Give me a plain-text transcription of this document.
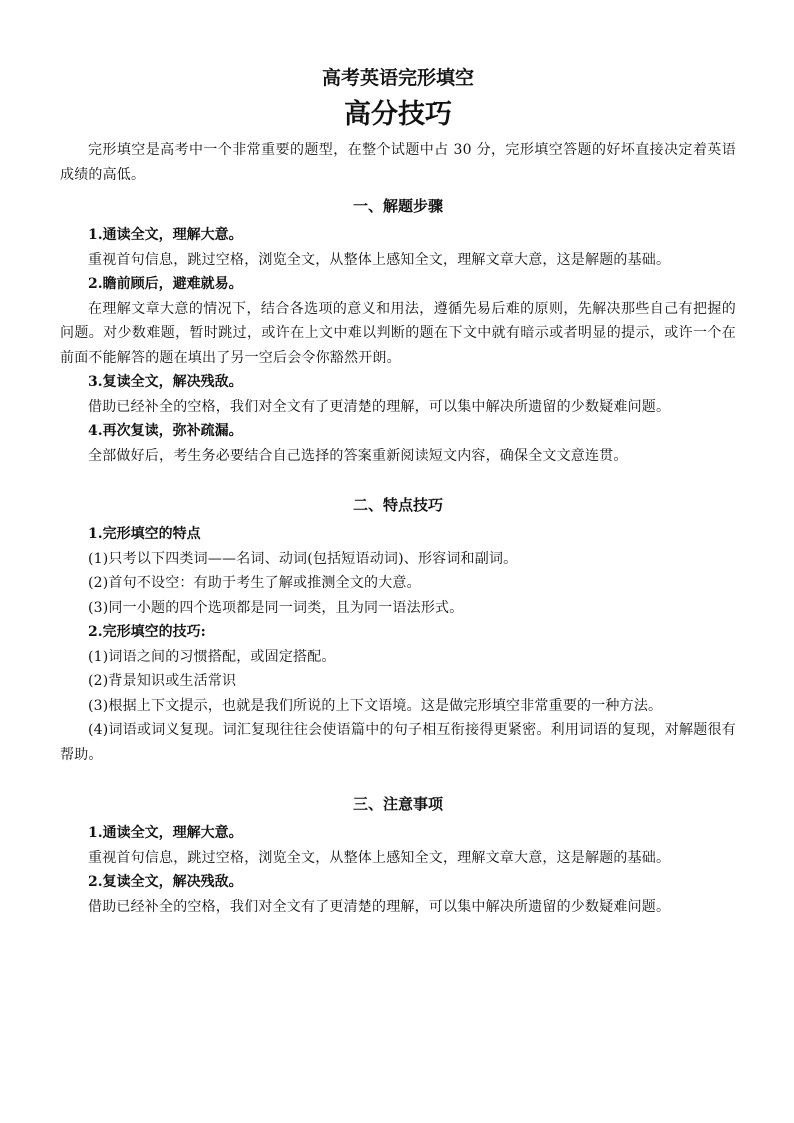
高考英语完形填空
高分技巧

完形填空是高考中一个非常重要的题型，在整个试题中占 30 分，完形填空答题的好坏直接决定着英语成绩的高低。

一、解题步骤

1.通读全文，理解大意。

重视首句信息，跳过空格，浏览全文，从整体上感知全文，理解文章大意，这是解题的基础。

2.瞻前顾后，避难就易。

在理解文章大意的情况下，结合各选项的意义和用法，遵循先易后难的原则，先解决那些自己有把握的问题。对少数难题，暂时跳过，或许在上文中难以判断的题在下文中就有暗示或者明显的提示，或许一个在前面不能解答的题在填出了另一空后会令你豁然开朗。

3.复读全文，解决残敌。

借助已经补全的空格，我们对全文有了更清楚的理解，可以集中解决所遗留的少数疑难问题。

4.再次复读，弥补疏漏。

全部做好后，考生务必要结合自己选择的答案重新阅读短文内容，确保全文文意连贯。

二、特点技巧

1.完形填空的特点

(1)只考以下四类词——名词、动词(包括短语动词)、形容词和副词。

(2)首句不设空：有助于考生了解或推测全文的大意。

(3)同一小题的四个选项都是同一词类，且为同一语法形式。

2.完形填空的技巧:

(1)词语之间的习惯搭配，或固定搭配。

(2)背景知识或生活常识

(3)根据上下文提示，也就是我们所说的上下文语境。这是做完形填空非常重要的一种方法。

(4)词语或词义复现。词汇复现往往会使语篇中的句子相互衔接得更紧密。利用词语的复现，对解题很有帮助。

三、注意事项

1.通读全文，理解大意。

重视首句信息，跳过空格，浏览全文，从整体上感知全文，理解文章大意，这是解题的基础。

2.复读全文，解决残敌。

借助已经补全的空格，我们对全文有了更清楚的理解，可以集中解决所遗留的少数疑难问题。
